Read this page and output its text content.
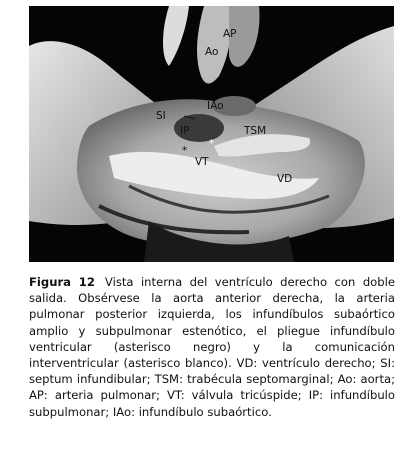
AP
Ao
IAo
SI
TSM
IP
*
*
VT
VD
Figura 12 Vista interna del ventrículo derecho con doble salida. Obsérvese la aorta anterior derecha, la arteria pulmonar posterior izquierda, los infundíbulos subaórtico amplio y subpulmonar estenótico, el pliegue infundíbulo ventricular (asterisco negro) y la comunicación interventricular (asterisco blanco). VD: ventrículo derecho; SI: septum infundibular; TSM: trabécula septomarginal; Ao: aorta; AP: arteria pulmonar; VT: válvula tricúspide; IP: infundíbulo subpulmonar; IAo: infundíbulo subaórtico.
